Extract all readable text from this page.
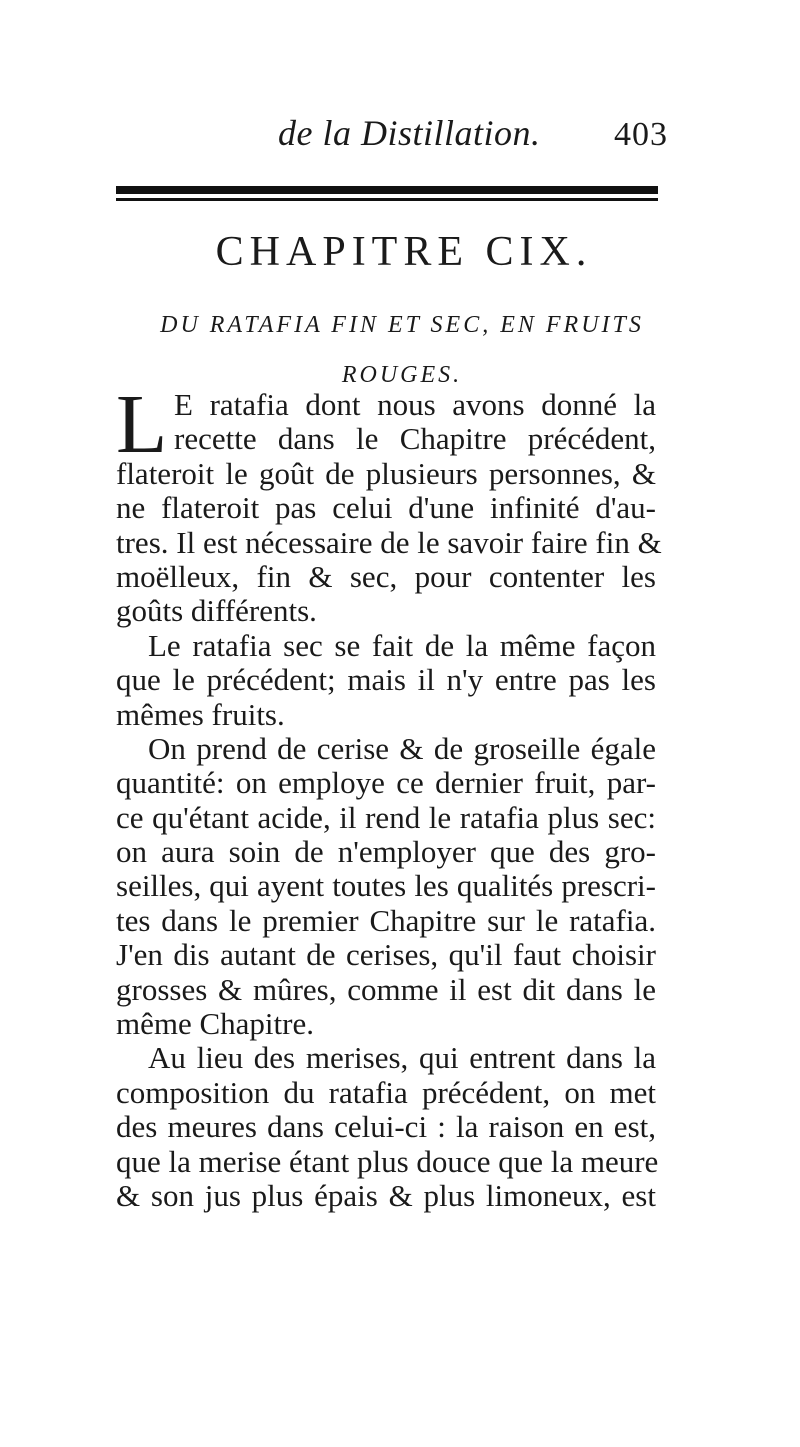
de la Distillation. 403
CHAPITRE CIX.
DU RATAFIA FIN ET SEC, EN FRUITS ROUGES.
L E ratafia dont nous avons donné la
recette dans le Chapitre précédent,
flateroit le goût de plusieurs personnes, &
ne flateroit pas celui d'une infinité d'au-
tres. Il est nécessaire de le savoir faire fin &
moëlleux, fin & sec, pour contenter les
goûts différents.
Le ratafia sec se fait de la même façon
que le précédent; mais il n'y entre pas les
mêmes fruits.
On prend de cerise & de groseille égale
quantité: on employe ce dernier fruit, par-
ce qu'étant acide, il rend le ratafia plus sec:
on aura soin de n'employer que des gro-
seilles, qui ayent toutes les qualités prescri-
tes dans le premier Chapitre sur le ratafia.
J'en dis autant de cerises, qu'il faut choisir
grosses & mûres, comme il est dit dans le
même Chapitre.
Au lieu des merises, qui entrent dans la
composition du ratafia précédent, on met
des meures dans celui-ci : la raison en est,
que la merise étant plus douce que la meure
& son jus plus épais & plus limoneux, est
